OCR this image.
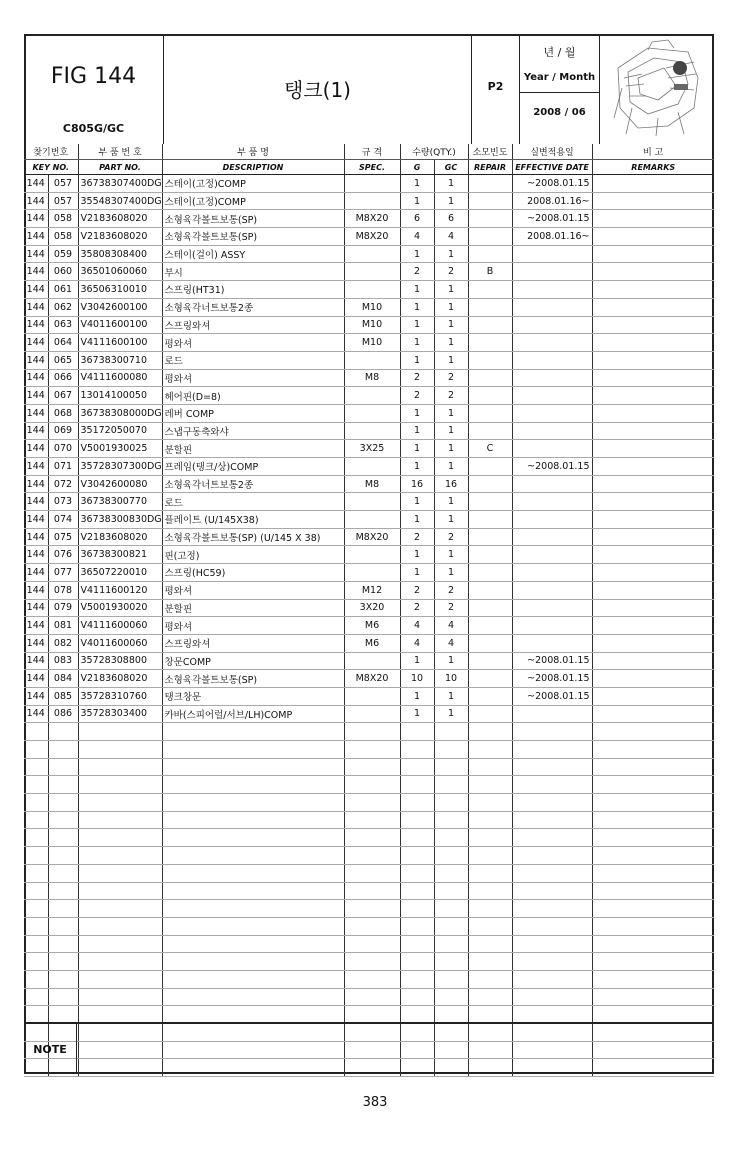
FIG 144
C805G/GC
탱크(1)	P2
년 / 월
Year / Month
2008 / 06
찾기번호		부 품 번 호	부 품 명	규 격	수량(QTY.)		소모빈도	실변적용일	비 고
KEY NO.		PART NO.	DESCRIPTION	SPEC.	G	GC	REPAIR	EFFECTIVE DATE	REMARKS
144	057	36738307400DG	스테이(고정)COMP		1	1		~2008.01.15	
144	057	35548307400DG	스테이(고정)COMP		1	1		2008.01.16~	
144	058	V2183608020	소형육각볼트보통(SP)	M8X20	6	6		~2008.01.15	
144	058	V2183608020	소형육각볼트보통(SP)	M8X20	4	4		2008.01.16~	
144	059	35808308400	스테이(걸이) ASSY		1	1			
144	060	36501060060	부시		2	2	B		
144	061	36506310010	스프링(HT31)		1	1			
144	062	V3042600100	소형육각너트보통2종	M10	1	1			
144	063	V4011600100	스프링와셔	M10	1	1			
144	064	V4111600100	평와셔	M10	1	1			
144	065	36738300710	로드		1	1			
144	066	V4111600080	평와셔	M8	2	2			
144	067	13014100050	헤어핀(D=8)		2	2			
144	068	36738308000DG	레버 COMP		1	1			
144	069	35172050070	스냅구동축와샤		1	1			
144	070	V5001930025	분할핀	3X25	1	1	C		
144	071	35728307300DG	프레임(탱크/상)COMP		1	1		~2008.01.15	
144	072	V3042600080	소형육각너트보통2종	M8	16	16			
144	073	36738300770	로드		1	1			
144	074	36738300830DG	플레이트 (U/145X38)		1	1			
144	075	V2183608020	소형육각볼트보통(SP) (U/145 X 38)	M8X20	2	2			
144	076	36738300821	핀(고정)		1	1			
144	077	36507220010	스프링(HC59)		1	1			
144	078	V4111600120	평와셔	M12	2	2			
144	079	V5001930020	분할핀	3X20	2	2			
144	081	V4111600060	평와셔	M6	4	4			
144	082	V4011600060	스프링와셔	M6	4	4			
144	083	35728308800	창문COMP		1	1		~2008.01.15	
144	084	V2183608020	소형육각볼트보통(SP)	M8X20	10	10		~2008.01.15	
144	085	35728310760	탱크창문		1	1		~2008.01.15	
144	086	35728303400	카바(스피어럴/서브/LH)COMP		1	1			

NOTE
383
